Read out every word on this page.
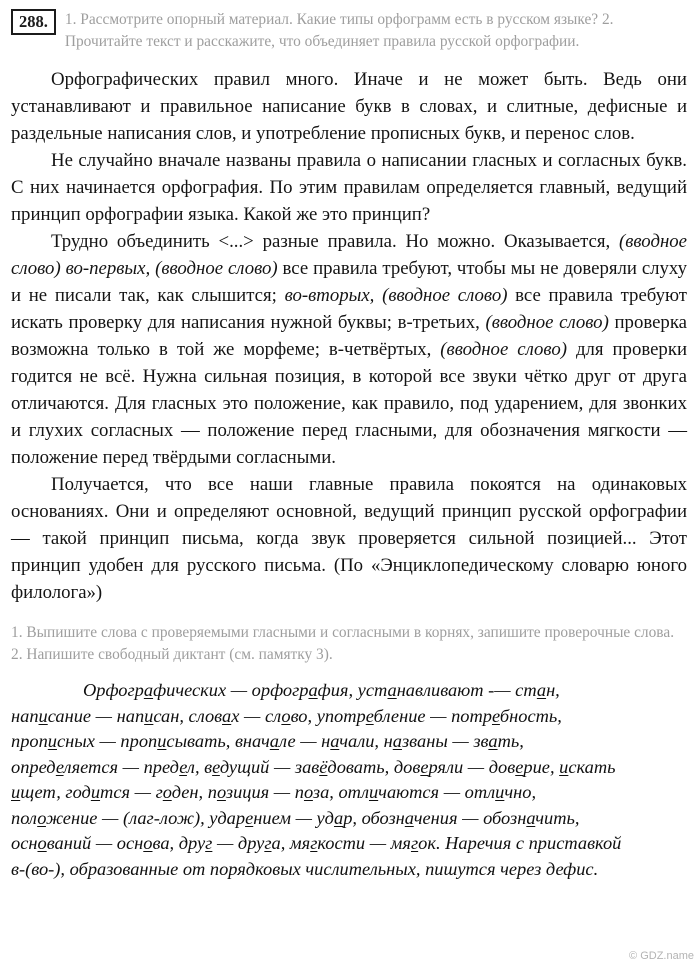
288.	1. Рассмотрите опорный материал. Какие типы орфограмм есть в русском языке? 2. Прочитайте текст и расскажите, что объединяет правила русской орфографии.

Орфографических правил много. Иначе и не может быть. Ведь они устанавливают и правильное написание букв в словах, и слитные, дефисные и раздельные написания слов, и употребление прописных букв, и перенос слов.

Не случайно вначале названы правила о написании гласных и согласных букв. С них начинается орфография. По этим правилам определяется главный, ведущий принцип орфографии языка. Какой же это принцип?

Трудно объединить <...> разные правила. Но можно. Оказывается, (вводное слово) во-первых, (вводное слово) все правила требуют, чтобы мы не доверяли слуху и не писали так, как слышится; во-вторых, (вводное слово) все правила требуют искать проверку для написания нужной буквы; в-третьих, (вводное слово) проверка возможна только в той же морфеме; в-четвёртых, (вводное слово) для проверки годится не всё. Нужна сильная позиция, в которой все звуки чётко друг от друга отличаются. Для гласных это положение, как правило, под ударением, для звонких и глухих согласных — положение перед гласными, для обозначения мягкости — положение перед твёрдыми согласными.

Получается, что все наши главные правила покоятся на одинаковых основаниях. Они и определяют основной, ведущий принцип русской орфографии — такой принцип письма, когда звук проверяется сильной позицией... Этот принцип удобен для русского письма. (По «Энциклопедическому словарю юного филолога»)

1. Выпишите слова с проверяемыми гласными и согласными в корнях, запишите проверочные слова. 2. Напишите свободный диктант (см. памятку 3).
Орфографических — орфография, устанавливают -— стан,
написание — написан, словах — слово, употребление — потребность,
прописных — прописывать, вначале — начали, названы — звать,
определяется — предел, ведущий — завёдовать, доверяли — доверие, искать
ищет, годится — годен, позиция — поза, отличаются — отлично,
положение — (лаг-лож), ударением — удар, обозначения — обозначить,
оснований — основа, друг — друга, мягкости — мягок. Наречия с приставкой
в-(во-), образованные от порядковых числительных, пишутся через дефис.
© GDZ.name
